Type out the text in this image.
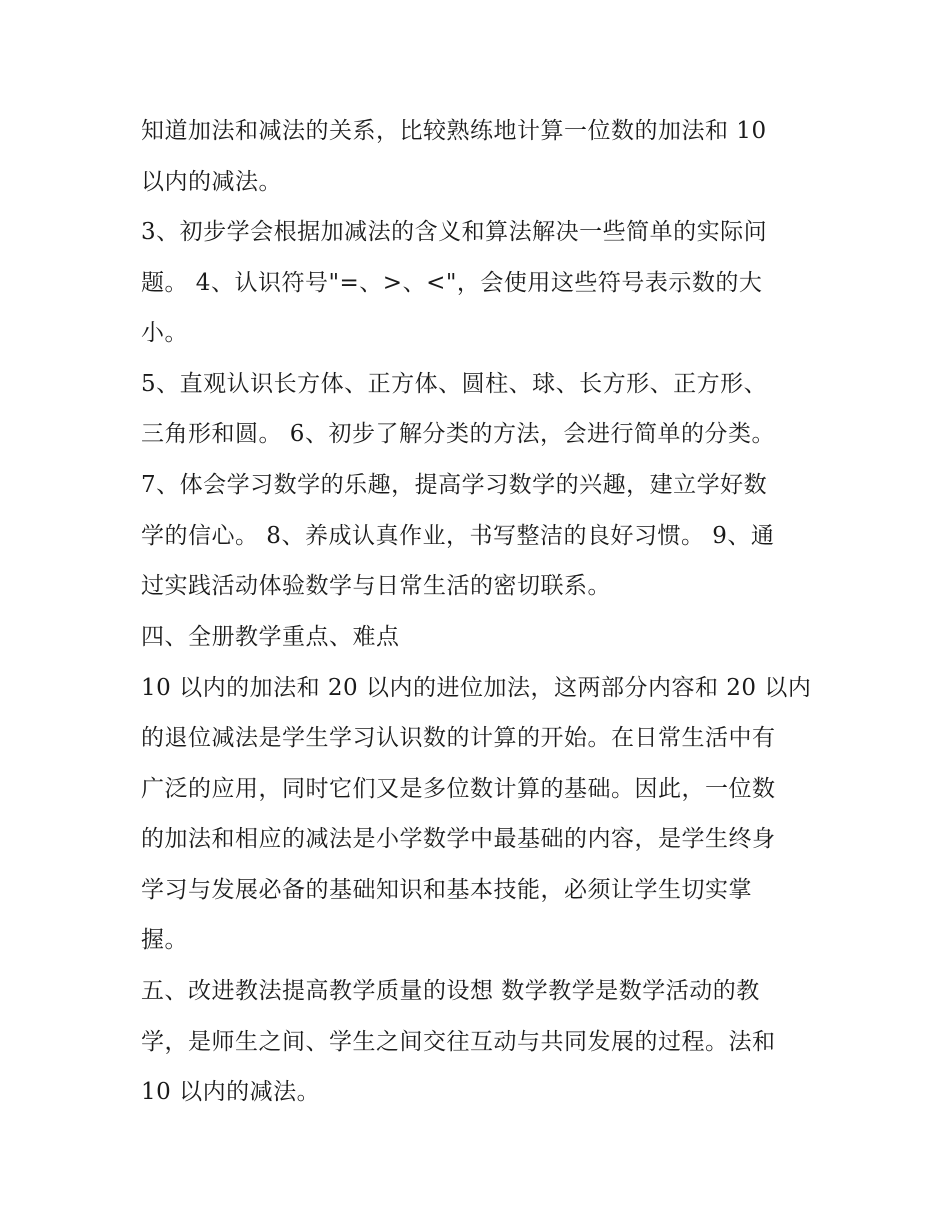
知道加法和减法的关系，比较熟练地计算一位数的加法和 10
以内的减法。
3、初步学会根据加减法的含义和算法解决一些简单的实际问
题。 4、认识符号"=、>、<"，会使用这些符号表示数的大
小。
5、直观认识长方体、正方体、圆柱、球、长方形、正方形、
三角形和圆。 6、初步了解分类的方法，会进行简单的分类。
7、体会学习数学的乐趣，提高学习数学的兴趣，建立学好数
学的信心。 8、养成认真作业，书写整洁的良好习惯。 9、通
过实践活动体验数学与日常生活的密切联系。
四、全册教学重点、难点
10 以内的加法和 20 以内的进位加法，这两部分内容和 20 以内
的退位减法是学生学习认识数的计算的开始。在日常生活中有
广泛的应用，同时它们又是多位数计算的基础。因此，一位数
的加法和相应的减法是小学数学中最基础的内容，是学生终身
学习与发展必备的基础知识和基本技能，必须让学生切实掌
握。
五、改进教法提高教学质量的设想 数学教学是数学活动的教
学，是师生之间、学生之间交往互动与共同发展的过程。法和
10 以内的减法。
